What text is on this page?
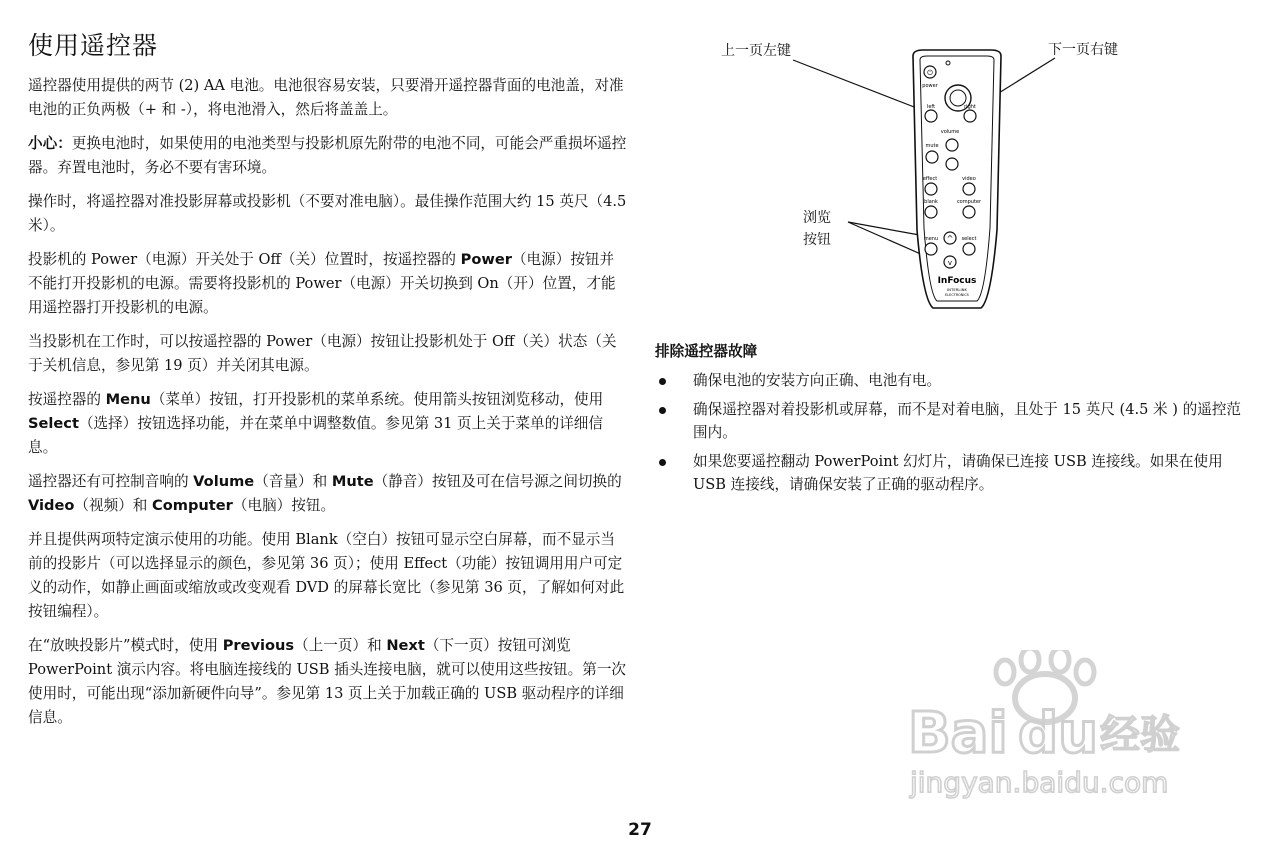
使用遥控器

遥控器使用提供的两节 (2) AA 电池。电池很容易安装，只要滑开遥控器背面的电池盖，对准电池的正负两极（+ 和 -），将电池滑入，然后将盖盖上。

小心：更换电池时，如果使用的电池类型与投影机原先附带的电池不同，可能会严重损坏遥控器。弃置电池时，务必不要有害环境。

操作时，将遥控器对准投影屏幕或投影机（不要对准电脑）。最佳操作范围大约 15 英尺（4.5 米）。

投影机的 Power（电源）开关处于 Off（关）位置时，按遥控器的 Power（电源）按钮并不能打开投影机的电源。需要将投影机的 Power（电源）开关切换到 On（开）位置，才能用遥控器打开投影机的电源。

当投影机在工作时，可以按遥控器的 Power（电源）按钮让投影机处于 Off（关）状态（关于关机信息，参见第 19 页）并关闭其电源。

按遥控器的 Menu（菜单）按钮，打开投影机的菜单系统。使用箭头按钮浏览移动，使用 Select（选择）按钮选择功能，并在菜单中调整数值。参见第 31 页上关于菜单的详细信息。

遥控器还有可控制音响的 Volume（音量）和 Mute（静音）按钮及可在信号源之间切换的 Video（视频）和 Computer（电脑）按钮。

并且提供两项特定演示使用的功能。使用 Blank（空白）按钮可显示空白屏幕，而不显示当前的投影片（可以选择显示的颜色，参见第 36 页）；使用 Effect（功能）按钮调用用户可定义的动作，如静止画面或缩放或改变观看 DVD 的屏幕长宽比（参见第 36 页，了解如何对此按钮编程）。

在“放映投影片”模式时，使用 Previous（上一页）和 Next（下一页）按钮可浏览 PowerPoint 演示内容。将电脑连接线的 USB 插头连接电脑，就可以使用这些按钮。第一次使用时，可能出现“添加新硬件向导”。参见第 13 页上关于加载正确的 USB 驱动程序的详细信息。

上一页左键	下一页右键
浏览
按钮
⏻
power
left	right
volume
mute
effect	video
blank	computer
menu ^
v
select
InFocus
INTERLINK
ELECTRONICS
排除遥控器故障
确保电池的安装方向正确、电池有电。
确保遥控器对着投影机或屏幕，而不是对着电脑，且处于 15 英尺 (4.5 米 ) 的遥控范围内。
如果您要遥控翻动 PowerPoint 幻灯片，请确保已连接 USB 连接线。如果在使用 USB 连接线，请确保安装了正确的驱动程序。
Bai du 经验
jingyan.baidu.com
27
